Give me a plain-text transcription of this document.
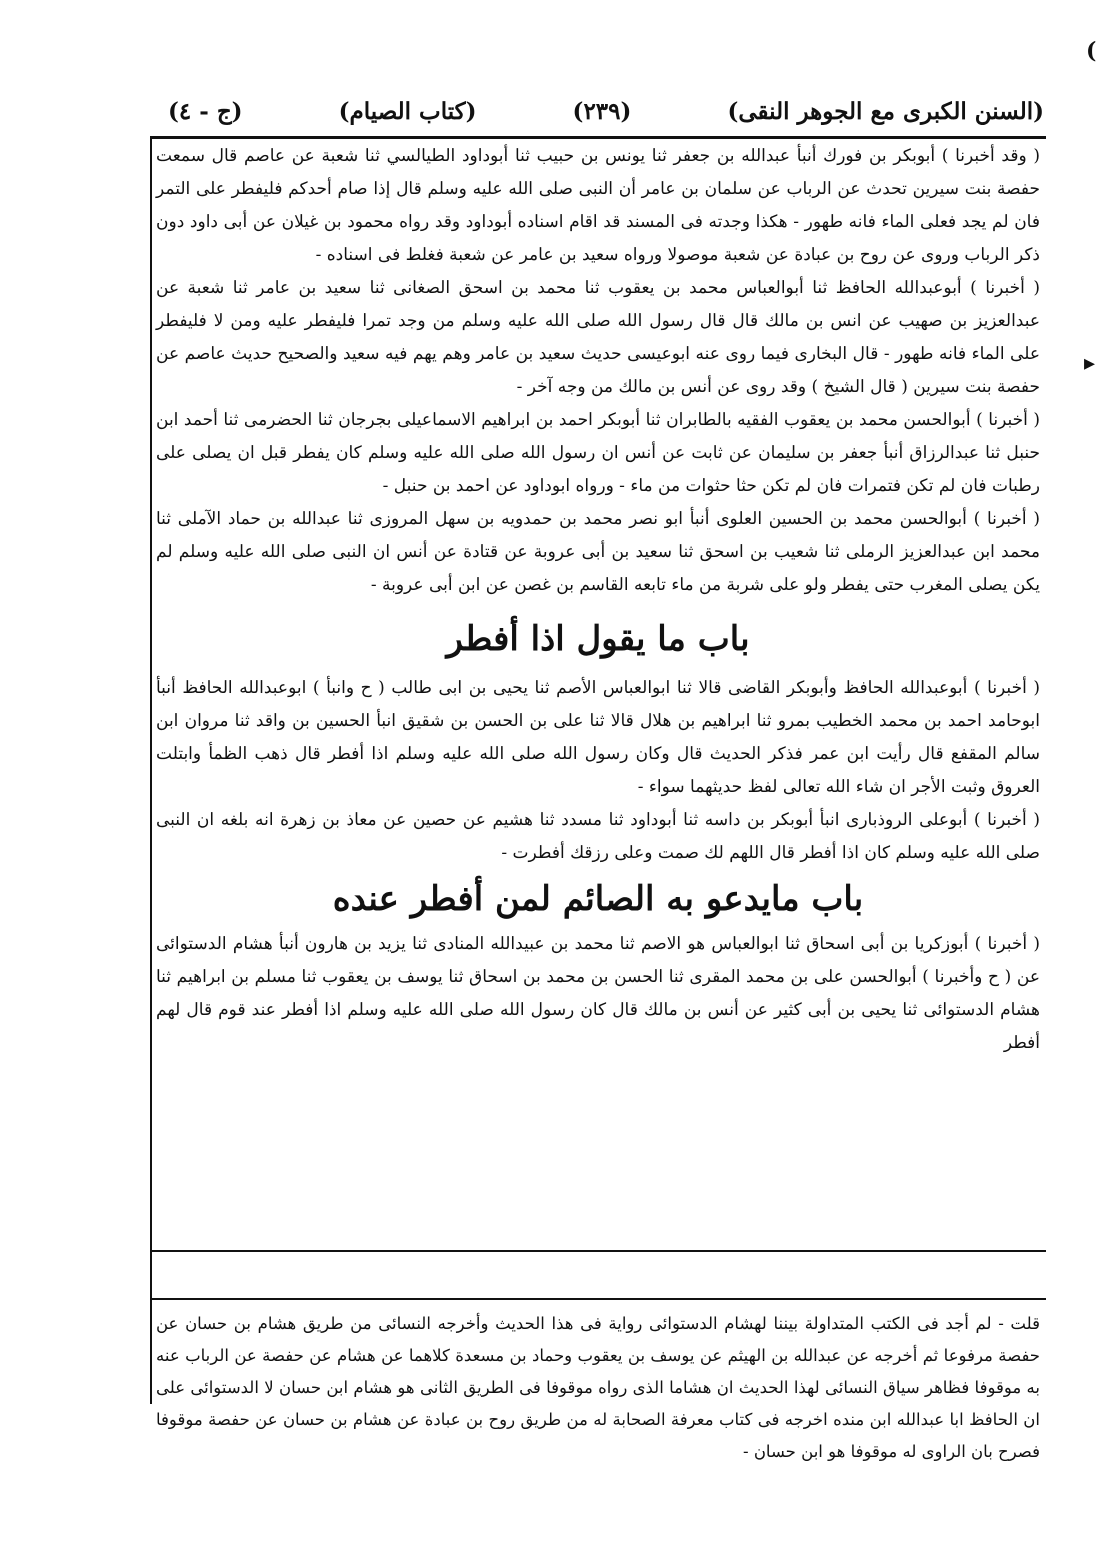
(السنن الكبرى مع الجوهر النقى)
(٢٣٩)
(كتاب الصيام)
(ج - ٤)

( وقد أخبرنا ) أبوبكر بن فورك أنبأ عبدالله بن جعفر ثنا يونس بن حبيب ثنا أبوداود الطيالسي ثنا شعبة عن عاصم قال سمعت حفصة بنت سيرين تحدث عن الرباب عن سلمان بن عامر أن النبى صلى الله عليه وسلم قال إذا صام أحدكم فليفطر على التمر فان لم يجد فعلى الماء فانه طهور - هكذا وجدته فى المسند قد اقام اسناده أبوداود وقد رواه محمود بن غيلان عن أبى داود دون ذكر الرباب وروى عن روح بن عبادة عن شعبة موصولا ورواه سعيد بن عامر عن شعبة فغلط فى اسناده -

( أخبرنا ) أبوعبدالله الحافظ ثنا أبوالعباس محمد بن يعقوب ثنا محمد بن اسحق الصغانى ثنا سعيد بن عامر ثنا شعبة عن عبدالعزيز بن صهيب عن انس بن مالك قال قال رسول الله صلى الله عليه وسلم من وجد تمرا فليفطر عليه ومن لا فليفطر على الماء فانه طهور - قال البخارى فيما روى عنه ابوعيسى حديث سعيد بن عامر وهم يهم فيه سعيد والصحيح حديث عاصم عن حفصة بنت سيرين ( قال الشيخ ) وقد روى عن أنس بن مالك من وجه آخر -

( أخبرنا ) أبوالحسن محمد بن يعقوب الفقيه بالطابران ثنا أبوبكر احمد بن ابراهيم الاسماعيلى بجرجان ثنا الحضرمى ثنا أحمد ابن حنبل ثنا عبدالرزاق أنبأ جعفر بن سليمان عن ثابت عن أنس ان رسول الله صلى الله عليه وسلم كان يفطر قبل ان يصلى على رطبات فان لم تكن فتمرات فان لم تكن حثا حثوات من ماء - ورواه ابوداود عن احمد بن حنبل -

( أخبرنا ) أبوالحسن محمد بن الحسين العلوى أنبأ ابو نصر محمد بن حمدويه بن سهل المروزى ثنا عبدالله بن حماد الآملى ثنا محمد ابن عبدالعزيز الرملى ثنا شعيب بن اسحق ثنا سعيد بن أبى عروبة عن قتادة عن أنس ان النبى صلى الله عليه وسلم لم يكن يصلى المغرب حتى يفطر ولو على شربة من ماء تابعه القاسم بن غصن عن ابن أبى عروبة -

باب ما يقول اذا أفطر

( أخبرنا ) أبوعبدالله الحافظ وأبوبكر القاضى قالا ثنا ابوالعباس الأصم ثنا يحيى بن ابى طالب ( ح وانبأ ) ابوعبدالله الحافظ أنبأ ابوحامد احمد بن محمد الخطيب بمرو ثنا ابراهيم بن هلال قالا ثنا على بن الحسن بن شقيق انبأ الحسين بن واقد ثنا مروان ابن سالم المقفع قال رأيت ابن عمر فذكر الحديث قال وكان رسول الله صلى الله عليه وسلم اذا أفطر قال ذهب الظمأ وابتلت العروق وثبت الأجر ان شاء الله تعالى لفظ حديثهما سواء -

( أخبرنا ) أبوعلى الروذبارى انبأ أبوبكر بن داسه ثنا أبوداود ثنا مسدد ثنا هشيم عن حصين عن معاذ بن زهرة انه بلغه ان النبى صلى الله عليه وسلم كان اذا أفطر قال اللهم لك صمت وعلى رزقك أفطرت -

باب مايدعو به الصائم لمن أفطر عنده

( أخبرنا ) أبوزكريا بن أبى اسحاق ثنا ابوالعباس هو الاصم ثنا محمد بن عبيدالله المنادى ثنا يزيد بن هارون أنبأ هشام الدستوائى عن ( ح وأخبرنا ) أبوالحسن على بن محمد المقرى ثنا الحسن بن محمد بن اسحاق ثنا يوسف بن يعقوب ثنا مسلم بن ابراهيم ثنا هشام الدستوائى ثنا يحيى بن أبى كثير عن أنس بن مالك قال كان رسول الله صلى الله عليه وسلم اذا أفطر عند قوم قال لهم أفطر

قلت - لم أجد فى الكتب المتداولة بيننا لهشام الدستوائى رواية فى هذا الحديث وأخرجه النسائى من طريق هشام بن حسان عن حفصة مرفوعا ثم أخرجه عن عبدالله بن الهيثم عن يوسف بن يعقوب وحماد بن مسعدة كلاهما عن هشام عن حفصة عن الرباب عنه به موقوفا فظاهر سياق النسائى لهذا الحديث ان هشاما الذى رواه موقوفا فى الطريق الثانى هو هشام ابن حسان لا الدستوائى على ان الحافظ ابا عبدالله ابن منده اخرجه فى كتاب معرفة الصحابة له من طريق روح بن عبادة عن هشام بن حسان عن حفصة موقوفا فصرح بان الراوى له موقوفا هو ابن حسان -

(
▸
